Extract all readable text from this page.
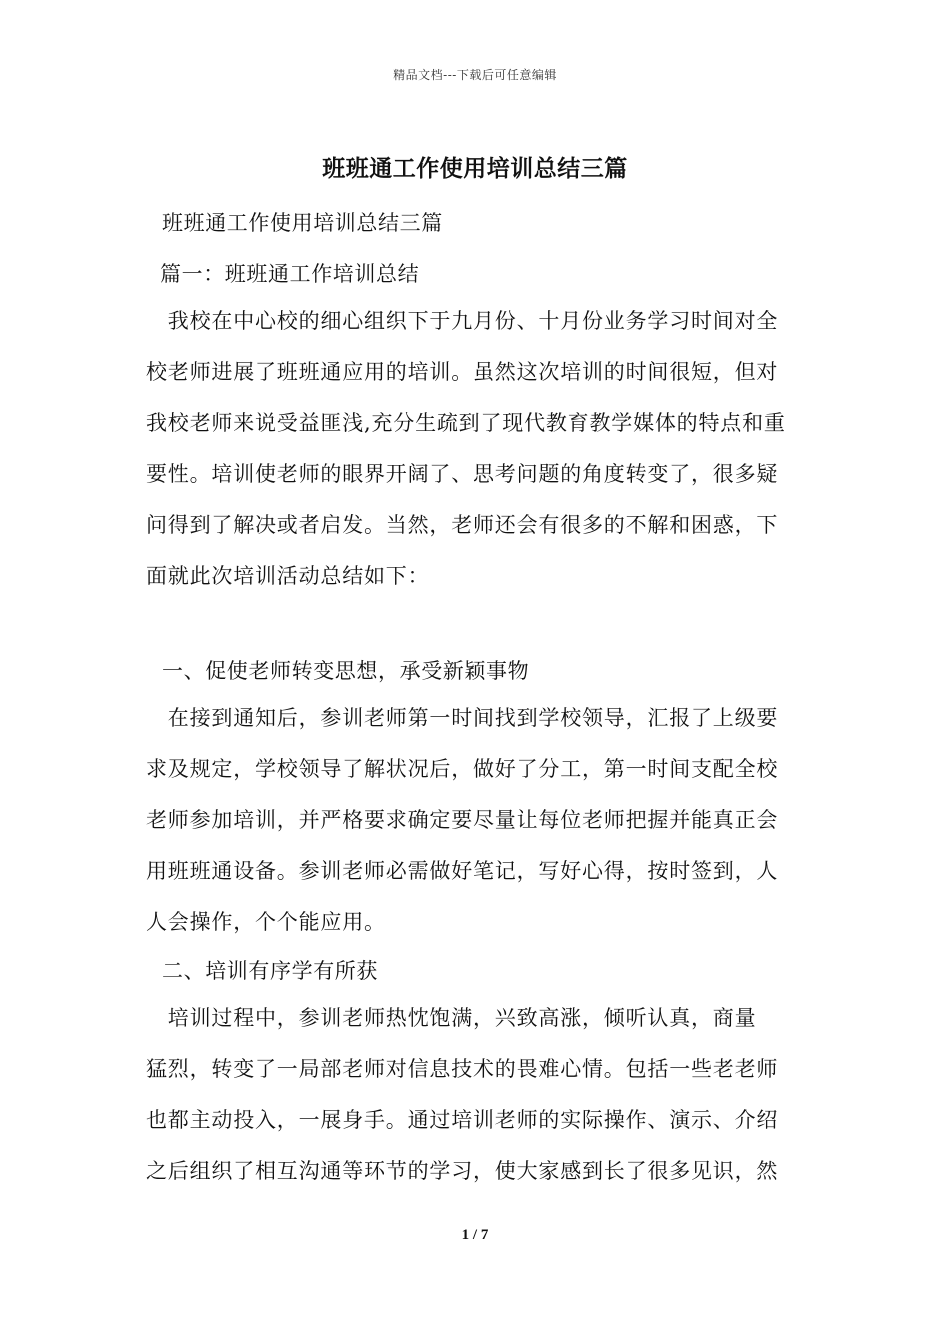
精品文档---下载后可任意编辑
班班通工作使用培训总结三篇
班班通工作使用培训总结三篇
篇一：班班通工作培训总结
　我校在中心校的细心组织下于九月份、十月份业务学习时间对全
校老师进展了班班通应用的培训。虽然这次培训的时间很短，但对
我校老师来说受益匪浅,充分生疏到了现代教育教学媒体的特点和重
要性。培训使老师的眼界开阔了、思考问题的角度转变了，很多疑
问得到了解决或者启发。当然，老师还会有很多的不解和困惑，下
面就此次培训活动总结如下：
一、促使老师转变思想，承受新颖事物
　在接到通知后，参训老师第一时间找到学校领导，汇报了上级要
求及规定，学校领导了解状况后，做好了分工，第一时间支配全校
老师参加培训，并严格要求确定要尽量让每位老师把握并能真正会
用班班通设备。参训老师必需做好笔记，写好心得，按时签到，人
人会操作，个个能应用。
二、培训有序学有所获
　培训过程中，参训老师热忱饱满，兴致高涨，倾听认真，商量
猛烈，转变了一局部老师对信息技术的畏难心情。包括一些老老师
也都主动投入，一展身手。通过培训老师的实际操作、演示、介绍
之后组织了相互沟通等环节的学习，使大家感到长了很多见识，然
1 / 7
